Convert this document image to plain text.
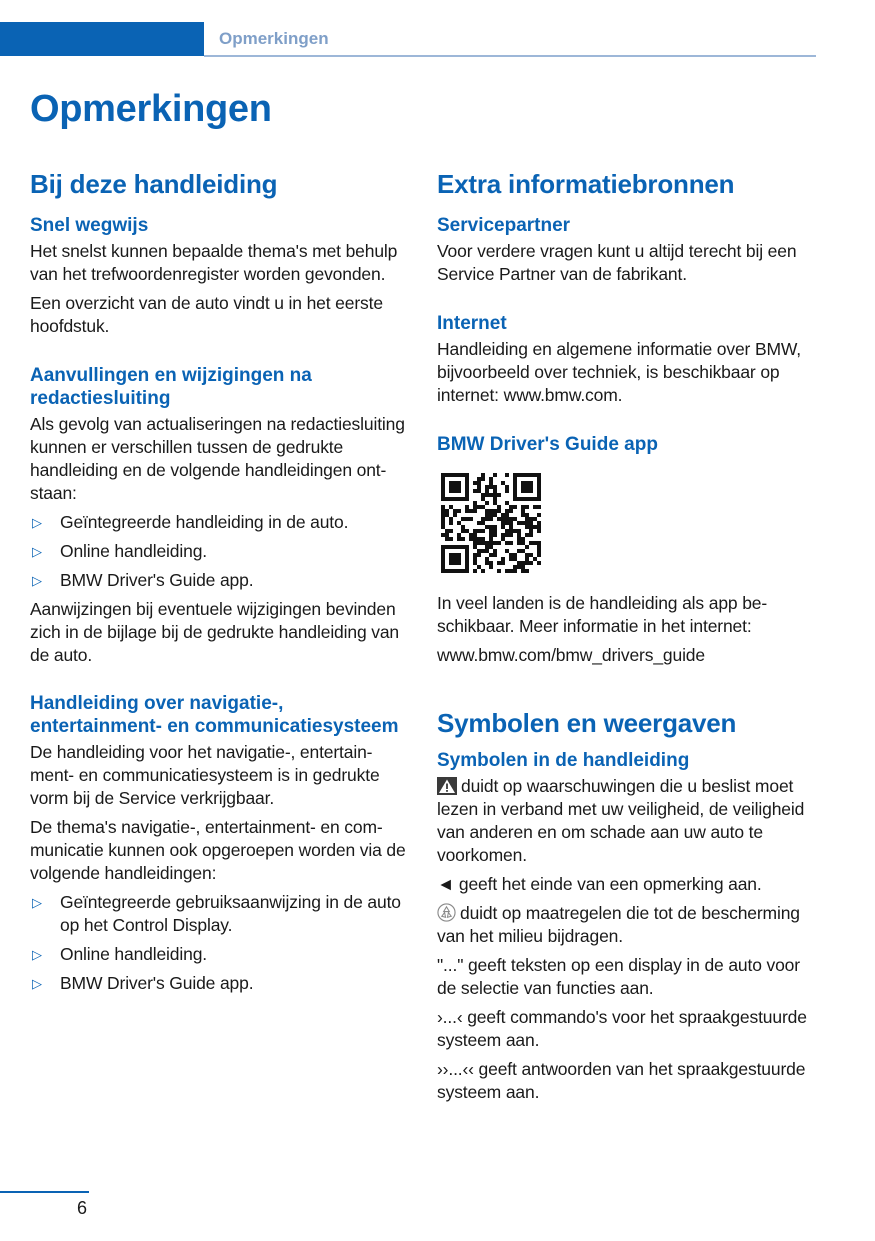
Opmerkingen
Opmerkingen
Bij deze handleiding
Snel wegwijs

Het snelst kunnen bepaalde thema's met behulp van het trefwoordenregister worden gevonden.

Een overzicht van de auto vindt u in het eerste hoofdstuk.

Aanvullingen en wijzigingen na redactiesluiting

Als gevolg van actualiseringen na redactiesluiting kunnen er verschillen tussen de gedrukte handleiding en de volgende handleidingen ontstaan:

▷ Geïntegreerde handleiding in de auto.
▷ Online handleiding.
▷ BMW Driver's Guide app.

Aanwijzingen bij eventuele wijzigingen bevinden zich in de bijlage bij de gedrukte handleiding van de auto.

Handleiding over navigatie-, entertainment- en communicatiesysteem

De handleiding voor het navigatie-, entertainment- en communicatiesysteem is in gedrukte vorm bij de Service verkrijgbaar.

De thema's navigatie-, entertainment- en communicatie kunnen ook opgeroepen worden via de volgende handleidingen:

▷ Geïntegreerde gebruiksaanwijzing in de auto op het Control Display.
▷ Online handleiding.
▷ BMW Driver's Guide app.
Extra informatiebronnen
Servicepartner

Voor verdere vragen kunt u altijd terecht bij een Service Partner van de fabrikant.

Internet

Handleiding en algemene informatie over BMW, bijvoorbeeld over techniek, is beschikbaar op internet: www.bmw.com.

BMW Driver's Guide app

In veel landen is de handleiding als app beschikbaar. Meer informatie in het internet:

www.bmw.com/bmw_drivers_guide

Symbolen en weergaven
Symbolen in de handleiding

duidt op waarschuwingen die u beslist moet lezen in verband met uw veiligheid, de veiligheid van anderen en om schade aan uw auto te voorkomen.

◄ geeft het einde van een opmerking aan.

duidt op maatregelen die tot de bescherming van het milieu bijdragen.

"..." geeft teksten op een display in de auto voor de selectie van functies aan.

›...‹ geeft commando's voor het spraakgestuurde systeem aan.

››...‹‹ geeft antwoorden van het spraakgestuurde systeem aan.

6
